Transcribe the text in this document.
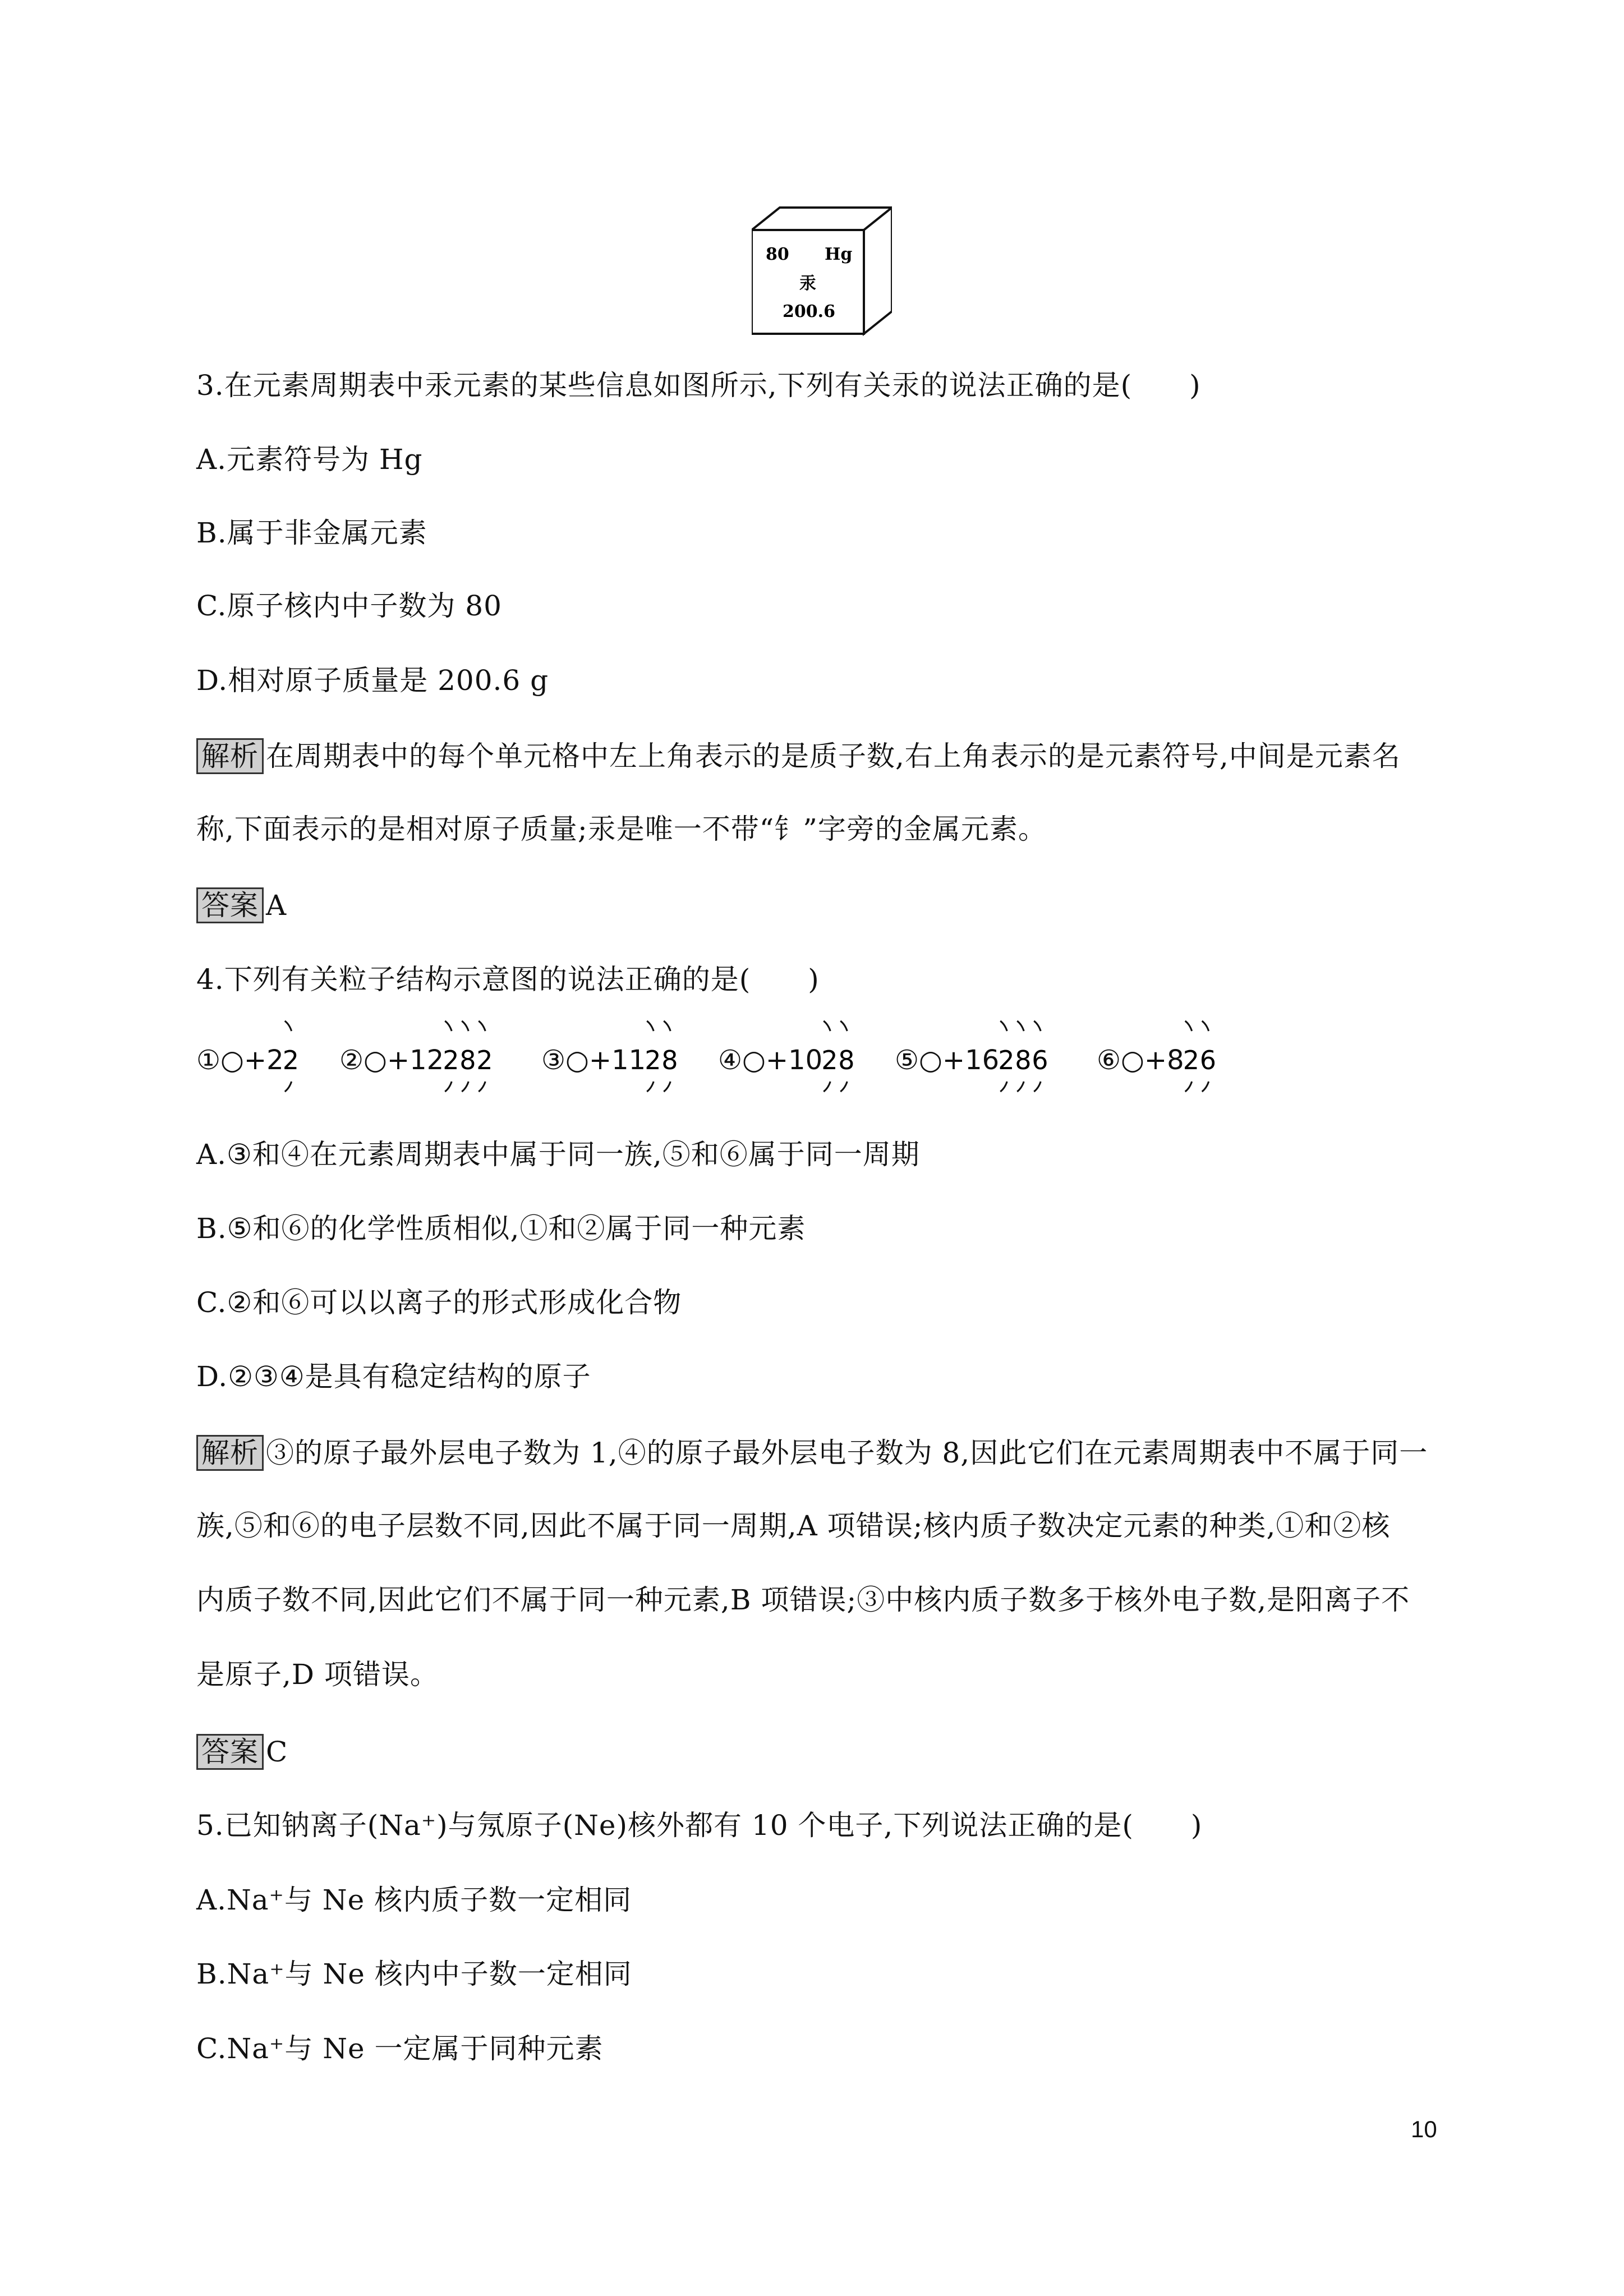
80 Hg
汞
200.6
3.在元素周期表中汞元素的某些信息如图所示,下列有关汞的说法正确的是(　　)
A.元素符号为 Hg
B.属于非金属元素
C.原子核内中子数为 80
D.相对原子质量是 200.6 g
解析 在周期表中的每个单元格中左上角表示的是质子数,右上角表示的是元素符号,中间是元素名
称,下面表示的是相对原子质量;汞是唯一不带“钅”字旁的金属元素。
答案 A
4.下列有关粒子结构示意图的说法正确的是(　　)
①○+2
2 ②○+12
2 8 2 ③○+11
2 8 ④○+10
2 8 ⑤○+16
2 8 6 ⑥○+8
2 6
A.③和④在元素周期表中属于同一族,⑤和⑥属于同一周期
B.⑤和⑥的化学性质相似,①和②属于同一种元素
C.②和⑥可以以离子的形式形成化合物
D.②③④是具有稳定结构的原子
解析 ③的原子最外层电子数为 1,④的原子最外层电子数为 8,因此它们在元素周期表中不属于同一
族,⑤和⑥的电子层数不同,因此不属于同一周期,A 项错误;核内质子数决定元素的种类,①和②核
内质子数不同,因此它们不属于同一种元素,B 项错误;③中核内质子数多于核外电子数,是阳离子不
是原子,D 项错误。
答案 C
5.已知钠离子(Na⁺)与氖原子(Ne)核外都有 10 个电子,下列说法正确的是(　　)
A.Na⁺与 Ne 核内质子数一定相同
B.Na⁺与 Ne 核内中子数一定相同
C.Na⁺与 Ne 一定属于同种元素
10
